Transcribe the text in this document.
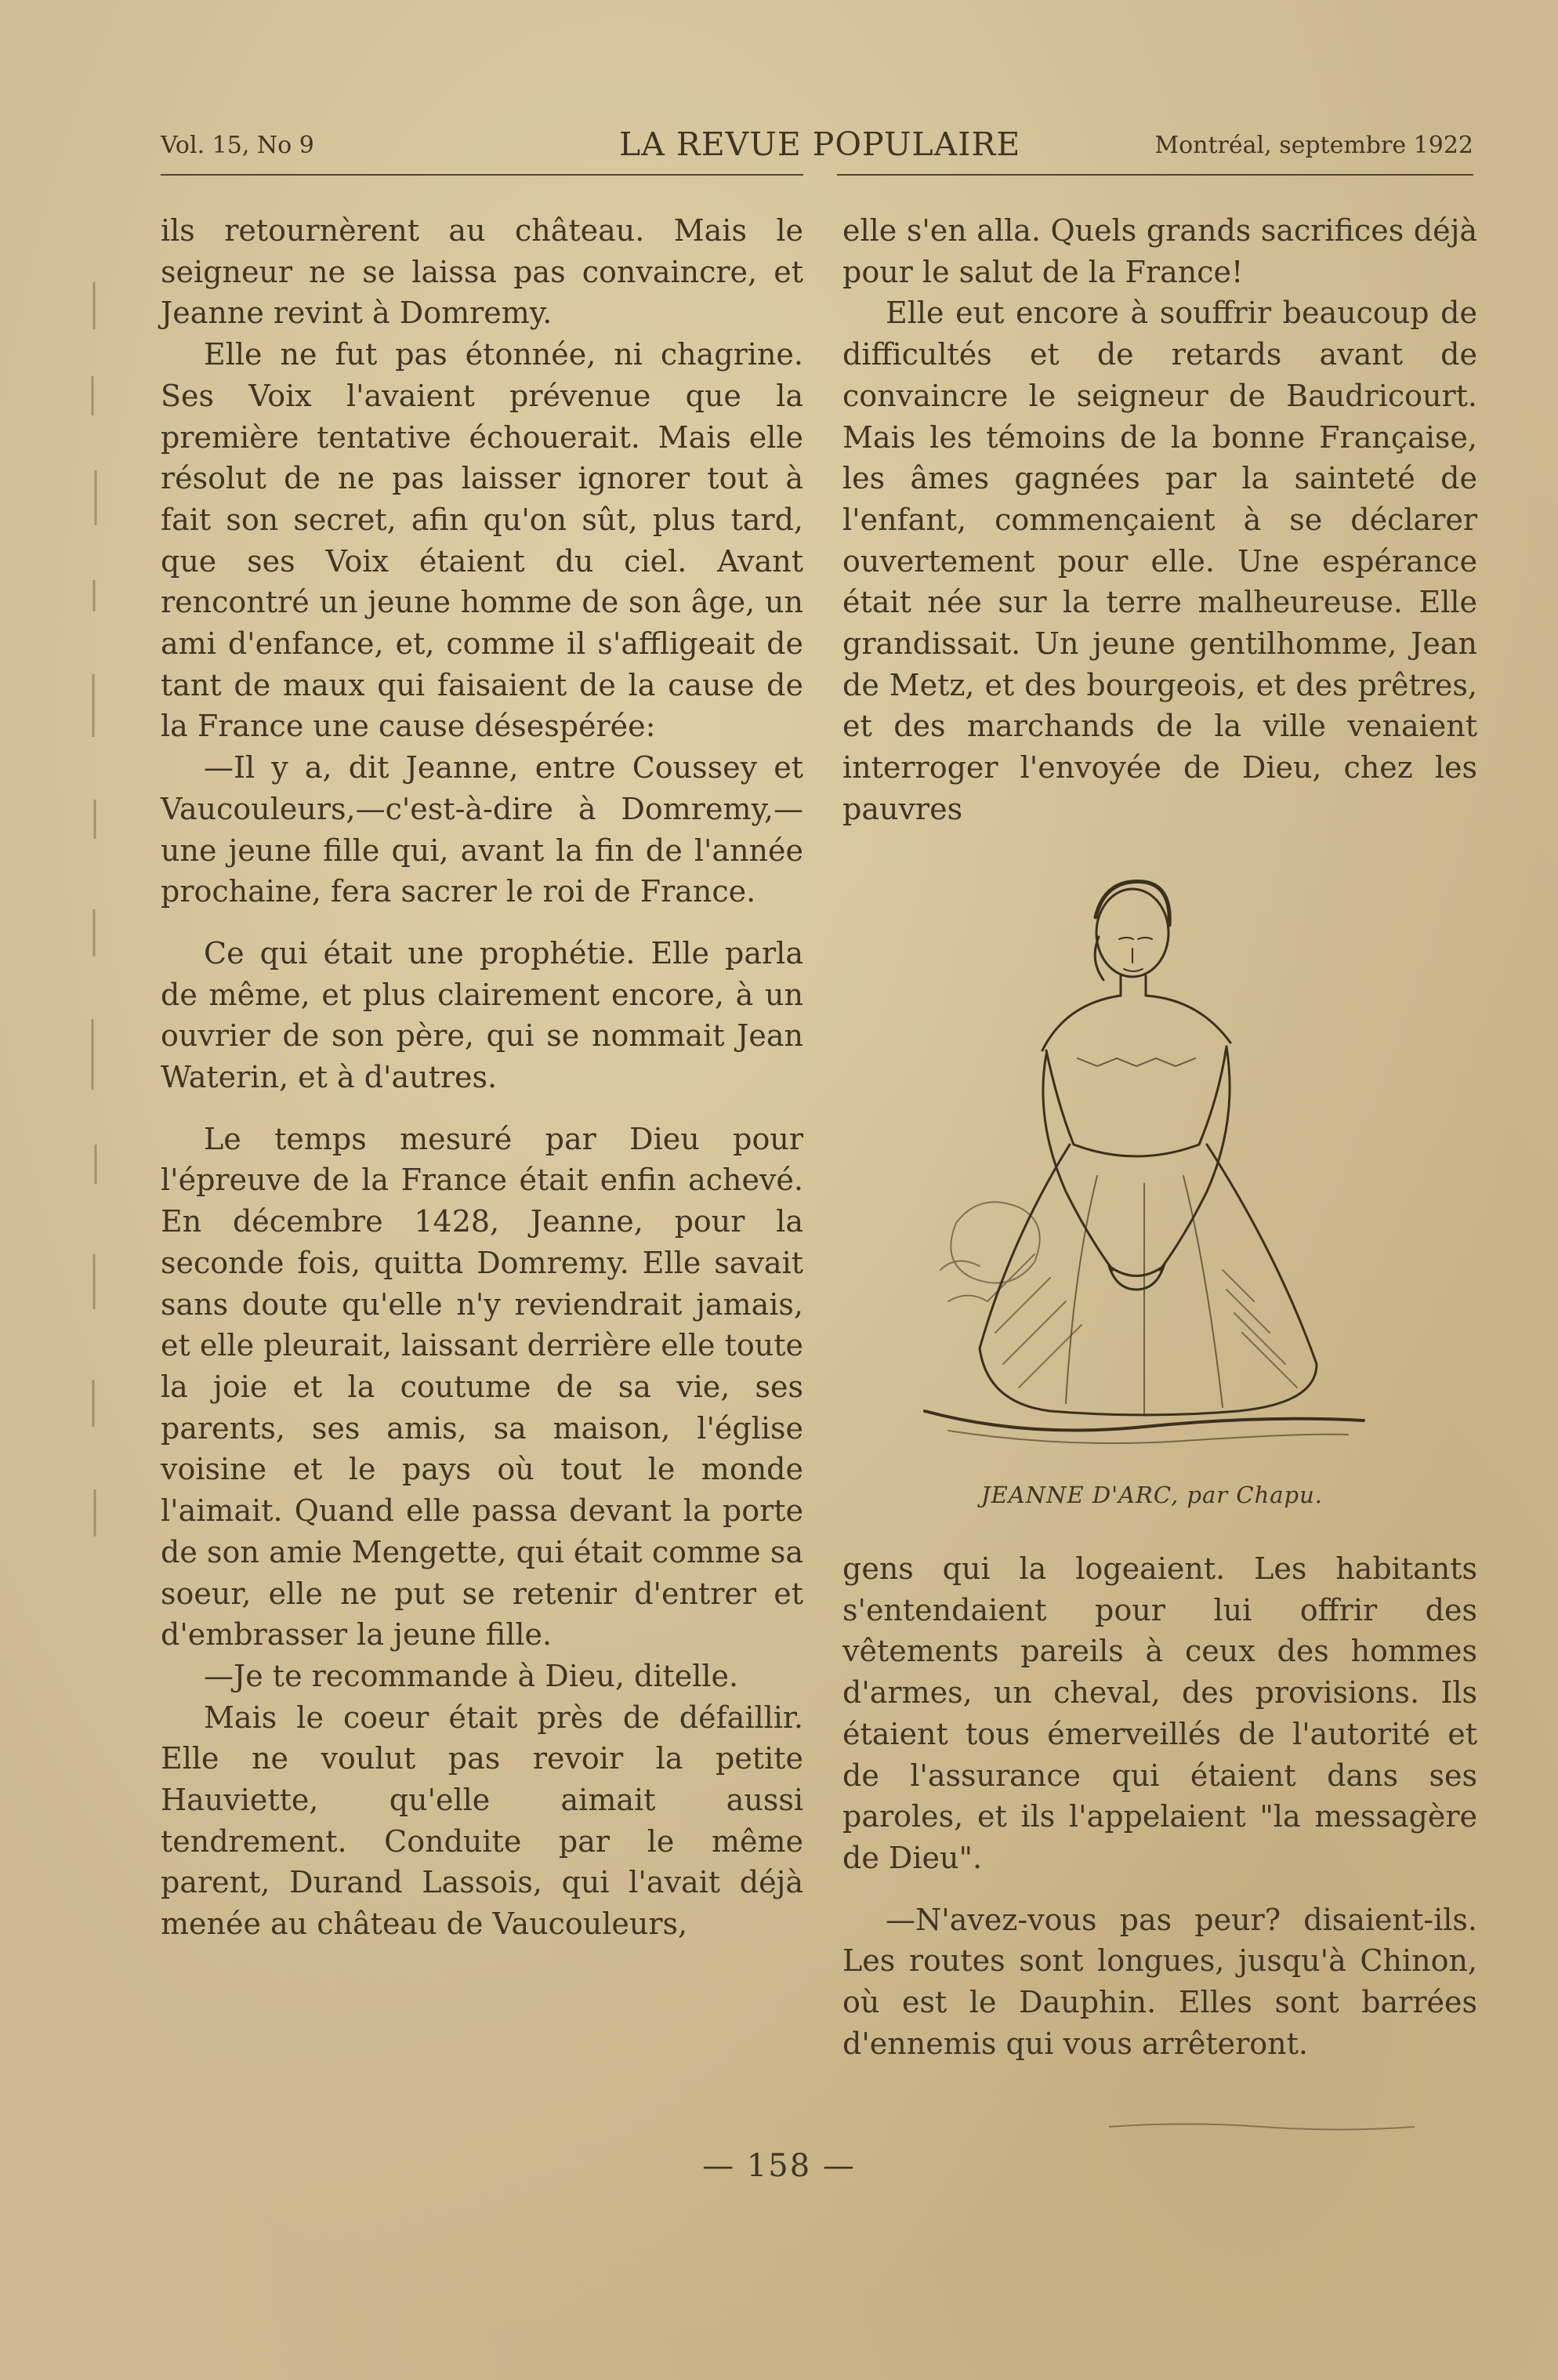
Vol. 15, No 9	LA REVUE POPULAIRE	Montréal, septembre 1922

ils retournèrent au château. Mais le seigneur ne se laissa pas convaincre, et Jeanne revint à Domremy.

Elle ne fut pas étonnée, ni chagrine. Ses Voix l'avaient prévenue que la première tentative échouerait. Mais elle résolut de ne pas laisser ignorer tout à fait son secret, afin qu'on sût, plus tard, que ses Voix étaient du ciel. Avant rencontré un jeune homme de son âge, un ami d'enfance, et, comme il s'affligeait de tant de maux qui faisaient de la cause de la France une cause désespérée:

—Il y a, dit Jeanne, entre Coussey et Vaucouleurs,—c'est-à-dire à Domremy,—une jeune fille qui, avant la fin de l'année prochaine, fera sacrer le roi de France.

Ce qui était une prophétie. Elle parla de même, et plus clairement encore, à un ouvrier de son père, qui se nommait Jean Waterin, et à d'autres.

Le temps mesuré par Dieu pour l'épreuve de la France était enfin achevé. En décembre 1428, Jeanne, pour la seconde fois, quitta Domremy. Elle savait sans doute qu'elle n'y reviendrait jamais, et elle pleurait, laissant derrière elle toute la joie et la coutume de sa vie, ses parents, ses amis, sa maison, l'église voisine et le pays où tout le monde l'aimait. Quand elle passa devant la porte de son amie Mengette, qui était comme sa soeur, elle ne put se retenir d'entrer et d'embrasser la jeune fille.

—Je te recommande à Dieu, ditelle.

Mais le coeur était près de défaillir. Elle ne voulut pas revoir la petite Hauviette, qu'elle aimait aussi tendrement. Conduite par le même parent, Durand Lassois, qui l'avait déjà menée au château de Vaucouleurs,

elle s'en alla. Quels grands sacrifices déjà pour le salut de la France!

Elle eut encore à souffrir beaucoup de difficultés et de retards avant de convaincre le seigneur de Baudricourt. Mais les témoins de la bonne Française, les âmes gagnées par la sainteté de l'enfant, commençaient à se déclarer ouvertement pour elle. Une espérance était née sur la terre malheureuse. Elle grandissait. Un jeune gentilhomme, Jean de Metz, et des bourgeois, et des prêtres, et des marchands de la ville venaient interroger l'envoyée de Dieu, chez les pauvres

JEANNE D'ARC, par Chapu.

gens qui la logeaient. Les habitants s'entendaient pour lui offrir des vêtements pareils à ceux des hommes d'armes, un cheval, des provisions. Ils étaient tous émerveillés de l'autorité et de l'assurance qui étaient dans ses paroles, et ils l'appelaient "la messagère de Dieu".

—N'avez-vous pas peur? disaient-ils. Les routes sont longues, jusqu'à Chinon, où est le Dauphin. Elles sont barrées d'ennemis qui vous arrêteront.

— 158 —
